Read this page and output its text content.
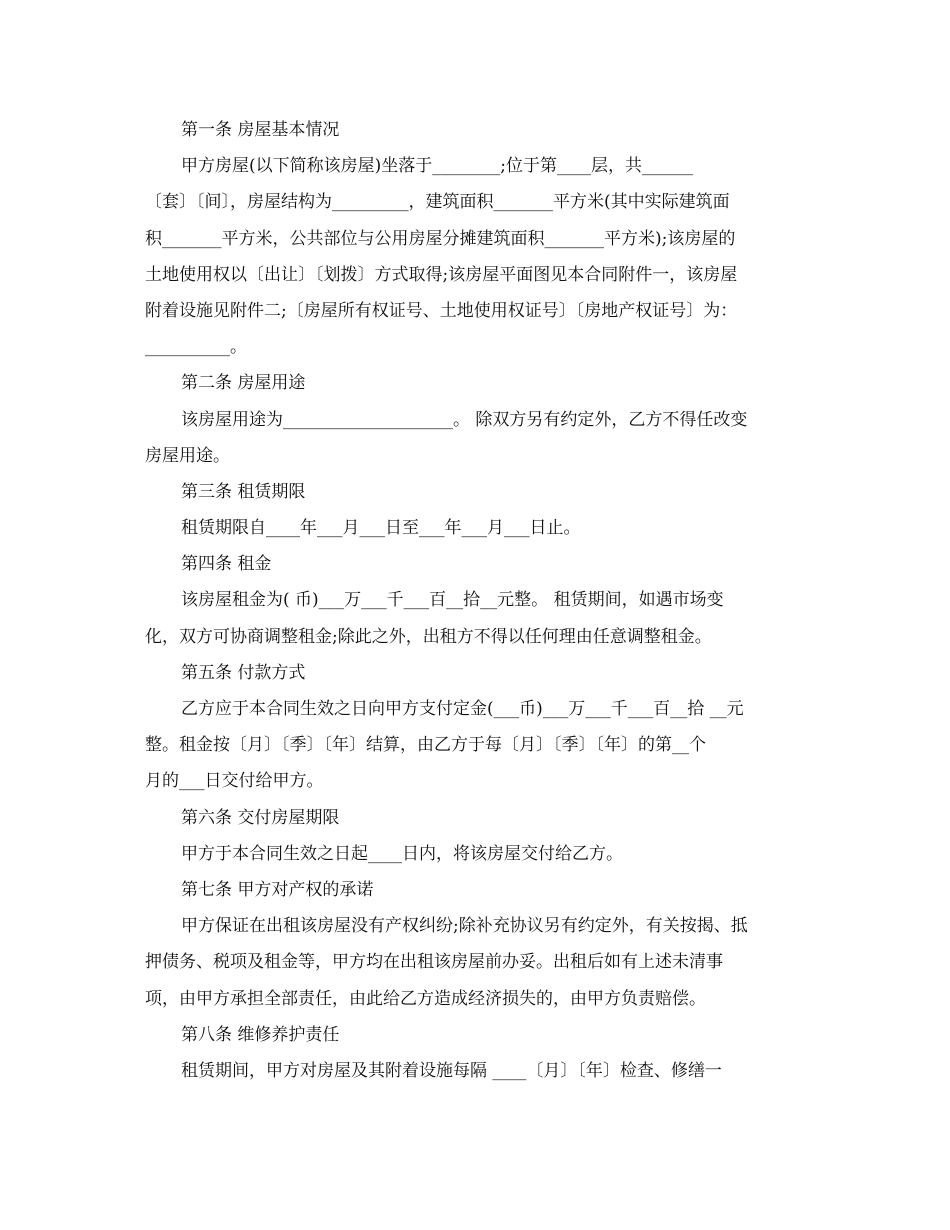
第一条 房屋基本情况
甲方房屋(以下简称该房屋)坐落于________;位于第____层，共______
〔套〕〔间〕，房屋结构为_________，建筑面积_______平方米(其中实际建筑面
积_______平方米，公共部位与公用房屋分摊建筑面积_______平方米);该房屋的
土地使用权以〔出让〕〔划拨〕方式取得;该房屋平面图见本合同附件一，该房屋
附着设施见附件二;〔房屋所有权证号、土地使用权证号〕〔房地产权证号〕为：
__________。
第二条 房屋用途
该房屋用途为____________________。 除双方另有约定外，乙方不得任改变
房屋用途。
第三条 租赁期限
租赁期限自____年___月___日至___年___月___日止。
第四条 租金
该房屋租金为( 币)___万___千___百__拾__元整。 租赁期间，如遇市场变
化，双方可协商调整租金;除此之外，出租方不得以任何理由任意调整租金。
第五条 付款方式
乙方应于本合同生效之日向甲方支付定金(___币)___万___千___百__拾 __元
整。租金按〔月〕〔季〕〔年〕结算，由乙方于每〔月〕〔季〕〔年〕的第__个
月的___日交付给甲方。
第六条 交付房屋期限
甲方于本合同生效之日起____日内，将该房屋交付给乙方。
第七条 甲方对产权的承诺
甲方保证在出租该房屋没有产权纠纷;除补充协议另有约定外，有关按揭、抵
押债务、税项及租金等，甲方均在出租该房屋前办妥。出租后如有上述未清事
项，由甲方承担全部责任，由此给乙方造成经济损失的，由甲方负责赔偿。
第八条 维修养护责任
租赁期间，甲方对房屋及其附着设施每隔 ____〔月〕〔年〕检查、修缮一
